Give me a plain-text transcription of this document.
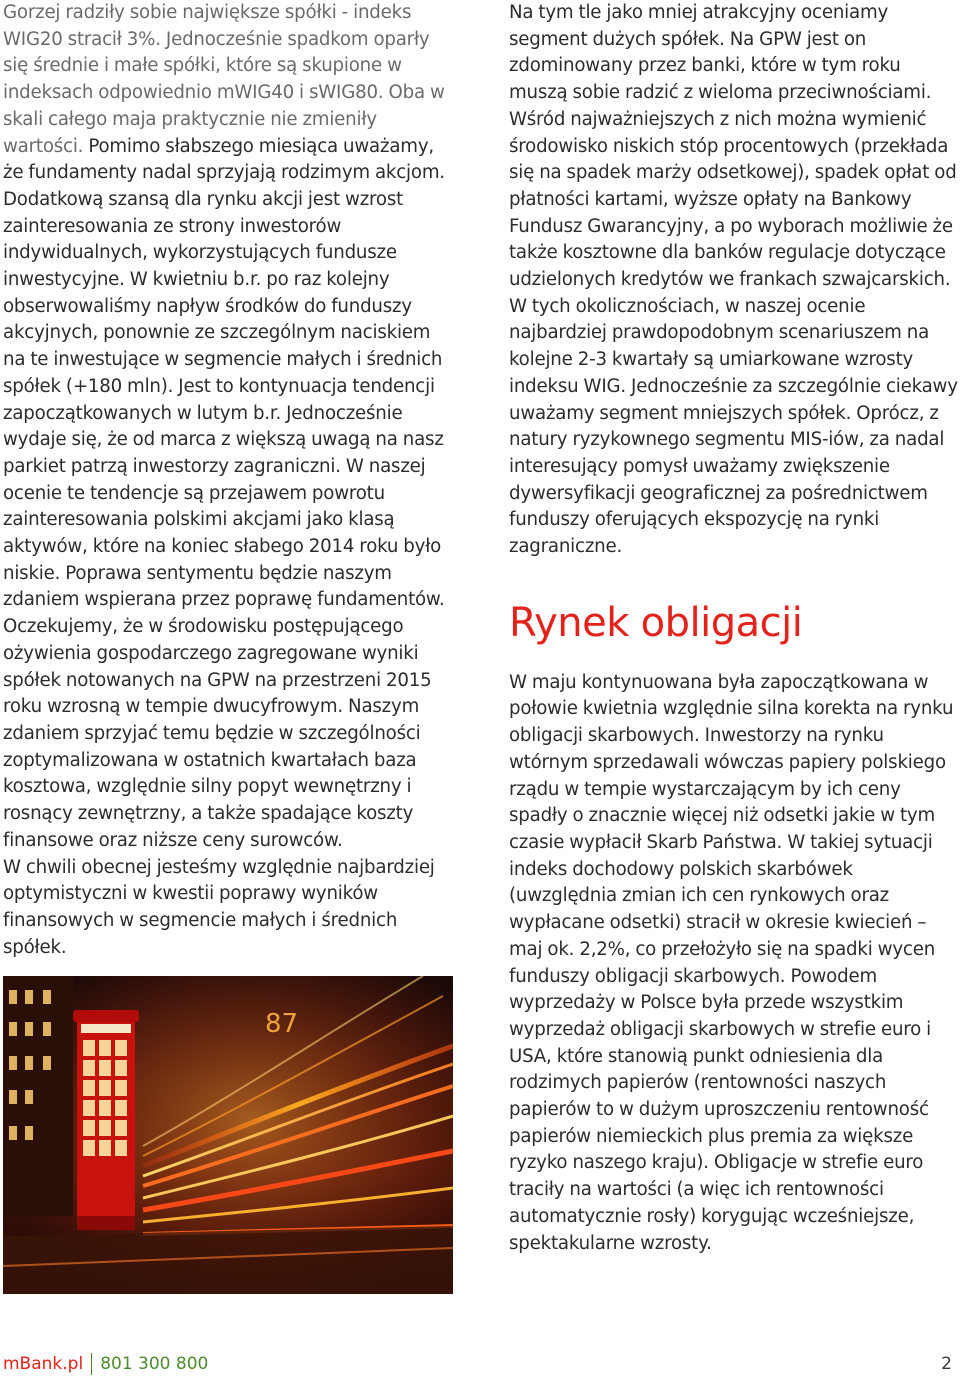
Gorzej radziły sobie największe spółki - indeks WIG20 stracił 3%. Jednocześnie spadkom oparły się średnie i małe spółki, które są skupione w indeksach odpowiednio mWIG40 i sWIG80. Oba w skali całego maja praktycznie nie zmieniły wartości. Pomimo słabszego miesiąca uważamy, że fundamenty nadal sprzyjają rodzimym akcjom.

Dodatkową szansą dla rynku akcji jest wzrost zainteresowania ze strony inwestorów indywidualnych, wykorzystujących fundusze inwestycyjne. W kwietniu b.r. po raz kolejny obserwowaliśmy napływ środków do funduszy akcyjnych, ponownie ze szczególnym naciskiem na te inwestujące w segmencie małych i średnich spółek (+180 mln). Jest to kontynuacja tendencji zapoczątkowanych w lutym b.r. Jednocześnie wydaje się, że od marca z większą uwagą na nasz parkiet patrzą inwestorzy zagraniczni. W naszej ocenie te tendencje są przejawem powrotu zainteresowania polskimi akcjami jako klasą aktywów, które na koniec słabego 2014 roku było niskie. Poprawa sentymentu będzie naszym zdaniem wspierana przez poprawę fundamentów. Oczekujemy, że w środowisku postępującego ożywienia gospodarczego zagregowane wyniki spółek notowanych na GPW na przestrzeni 2015 roku wzrosną w tempie dwucyfrowym. Naszym zdaniem sprzyjać temu będzie w szczególności zoptymalizowana w ostatnich kwartałach baza kosztowa, względnie silny popyt wewnętrzny i rosnący zewnętrzny, a także spadające koszty finansowe oraz niższe ceny surowców.

W chwili obecnej jesteśmy względnie najbardziej optymistyczni w kwestii poprawy wyników finansowych w segmencie małych i średnich spółek.

87

Na tym tle jako mniej atrakcyjny oceniamy segment dużych spółek. Na GPW jest on zdominowany przez banki, które w tym roku muszą sobie radzić z wieloma przeciwnościami. Wśród najważniejszych z nich można wymienić środowisko niskich stóp procentowych (przekłada się na spadek marży odsetkowej), spadek opłat od płatności kartami, wyższe opłaty na Bankowy Fundusz Gwarancyjny, a po wyborach możliwie że także kosztowne dla banków regulacje dotyczące udzielonych kredytów we frankach szwajcarskich. W tych okolicznościach, w naszej ocenie najbardziej prawdopodobnym scenariuszem na kolejne 2-3 kwartały są umiarkowane wzrosty indeksu WIG. Jednocześnie za szczególnie ciekawy uważamy segment mniejszych spółek. Oprócz, z natury ryzykownego segmentu MIS-iów, za nadal interesujący pomysł uważamy zwiększenie dywersyfikacji geograficznej za pośrednictwem funduszy oferujących ekspozycję na rynki zagraniczne.

Rynek obligacji

W maju kontynuowana była zapoczątkowana w połowie kwietnia względnie silna korekta na rynku obligacji skarbowych. Inwestorzy na rynku wtórnym sprzedawali wówczas papiery polskiego rządu w tempie wystarczającym by ich ceny spadły o znacznie więcej niż odsetki jakie w tym czasie wypłacił Skarb Państwa. W takiej sytuacji indeks dochodowy polskich skarbówek (uwzględnia zmian ich cen rynkowych oraz wypłacane odsetki) stracił w okresie kwiecień – maj ok. 2,2%, co przełożyło się na spadki wycen funduszy obligacji skarbowych. Powodem wyprzedaży w Polsce była przede wszystkim wyprzedaż obligacji skarbowych w strefie euro i USA, które stanowią punkt odniesienia dla rodzimych papierów (rentowności naszych papierów to w dużym uproszczeniu rentowność papierów niemieckich plus premia za większe ryzyko naszego kraju). Obligacje w strefie euro traciły na wartości (a więc ich rentowności automatycznie rosły) korygując wcześniejsze, spektakularne wzrosty.

mBank.pl 801 300 800	2
